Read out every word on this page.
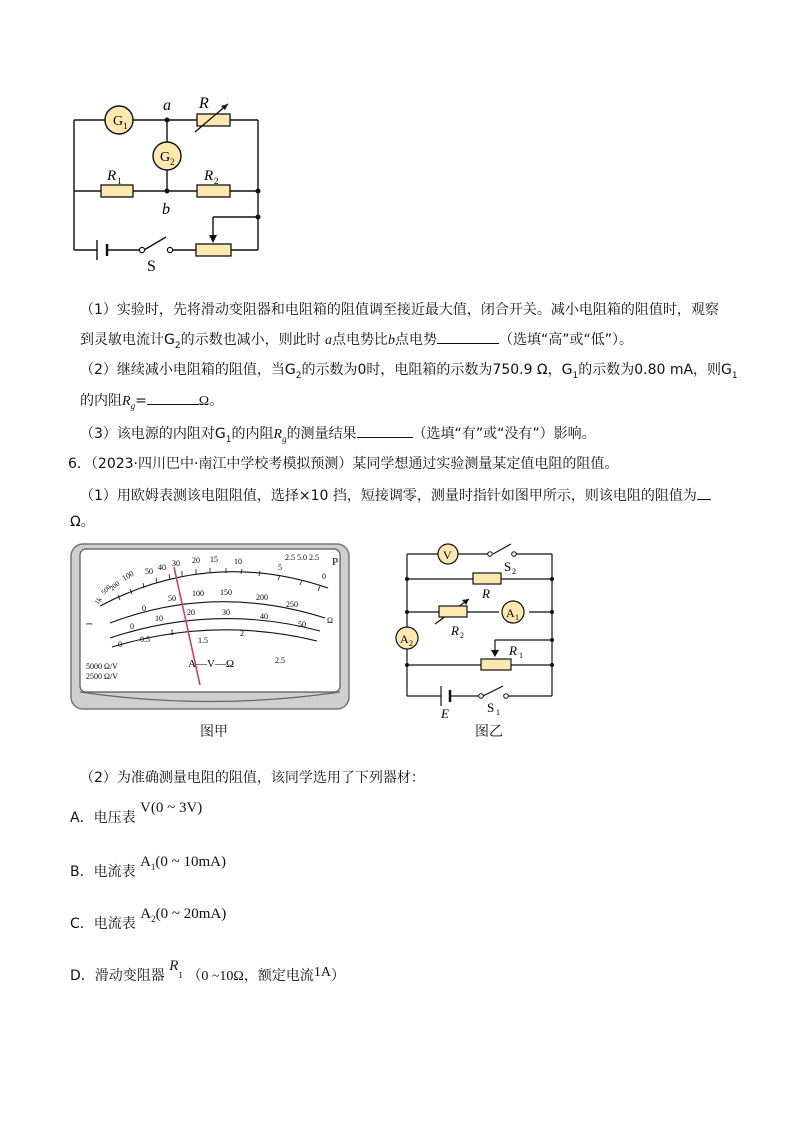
G 1
G 2
a
b
R
R 1	R 2
S
（1）实验时，先将滑动变阻器和电阻箱的阻值调至接近最大值，闭合开关。减小电阻箱的阻值时，观察
到灵敏电流计$G_2$的示数也减小，则此时 a点电势比b点电势	（选填“高”或“低”）。
（2）继续减小电阻箱的阻值，当$G_2$的示数为0时，电阻箱的示数为750.9 Ω，$G_1$的示数为0.80 mA，则$G_1$
的内阻$R_g=$	Ω。
（3）该电源的内阻对$G_1$的内阻$R_g$的测量结果	（选填“有”或“没有”）影响。
6．（2023·四川巴中·南江中学校考模拟预测）某同学想通过实验测量某定值电阻的阻值。
（1）用欧姆表测该电阻阻值，选择×10 挡，短接调零，测量时指针如图甲所示，则该电阻的阻值为
Ω。
1k
500
200
100 50 40 30 20 15 10
5
0
2.5 5.0 2.5 P
Ω
0
50
100 150
200
250
0
10
20	30	40
50
0
0.5
1
1.5
2
2.5
A—V—Ω
5000 Ω/V
2500 Ω/V
⎓
图甲
V
S 2
R
A 1
R 2
A 2	R 1
E	S 1
图乙
（2）为准确测量电阻的阻值，该同学选用了下列器材：
A．电压表 V(0 ~ 3V)
B．电流表 $A_1(0$ ~ 10mA)
C．电流表 $A_2(0$ ~ 20mA)
D．滑动变阻器 $R_1$ （0 ~10Ω，额定电流1A）
